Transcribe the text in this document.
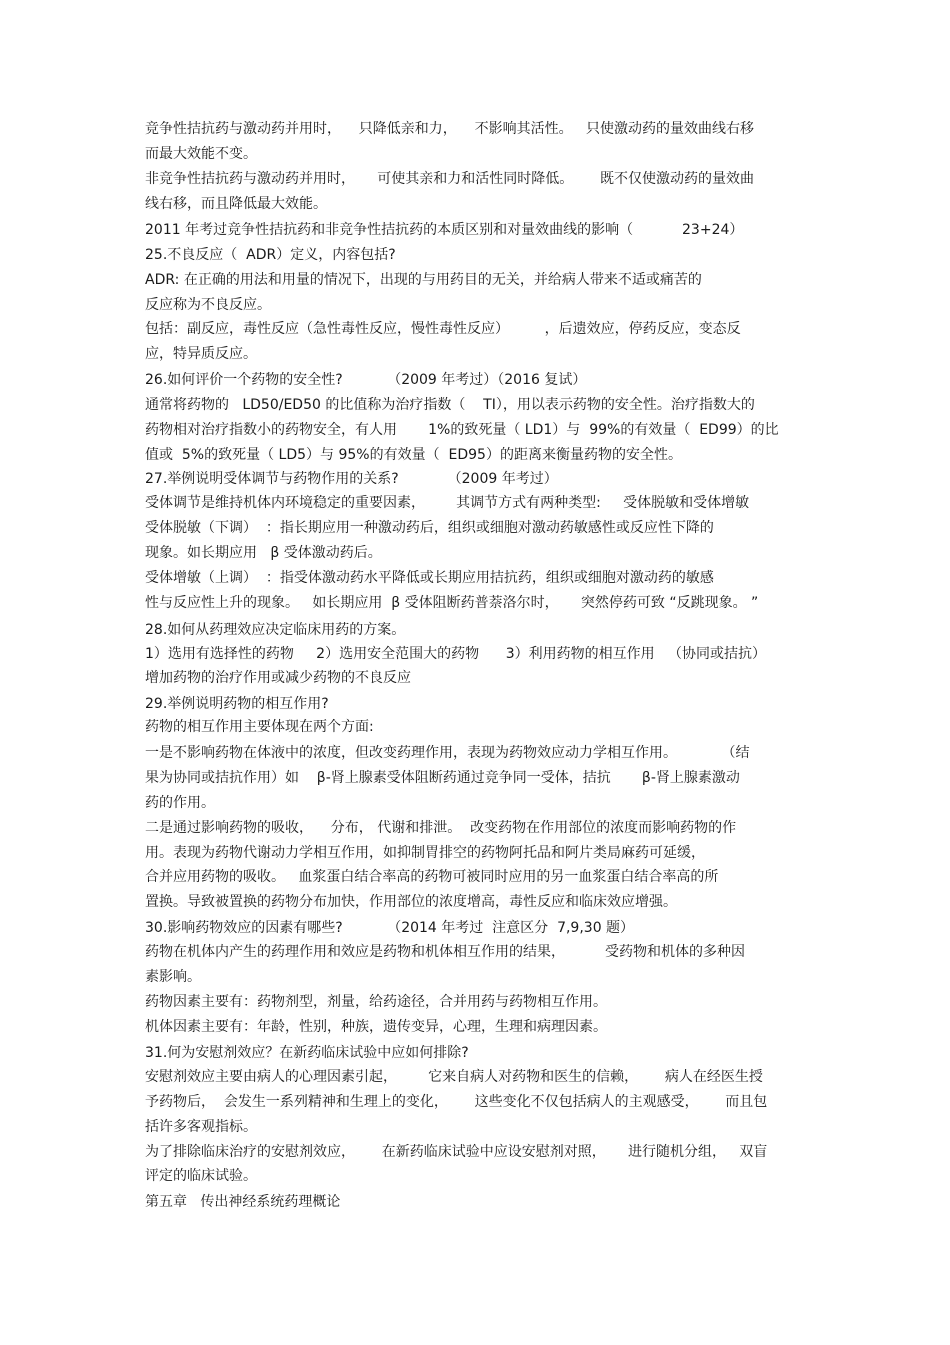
竞争性拮抗药与激动药并用时，    只降低亲和力，    不影响其活性。   只使激动药的量效曲线右移
而最大效能不变。
非竞争性拮抗药与激动药并用时，     可使其亲和力和活性同时降低。      既不仅使激动药的量效曲
线右移，而且降低最大效能。
2011 年考过竞争性拮抗药和非竞争性拮抗药的本质区别和对量效曲线的影响（           23+24）
25.不良反应（  ADR）定义，内容包括?
ADR: 在正确的用法和用量的情况下，出现的与用药目的无关，并给病人带来不适或痛苦的
反应称为不良反应。
包括：副反应，毒性反应（急性毒性反应，慢性毒性反应）        ，后遗效应，停药反应，变态反
应，特异质反应。
26.如何评价一个药物的安全性?          （2009 年考过）（2016 复试）
通常将药物的   LD50/ED50 的比值称为治疗指数（    TI），用以表示药物的安全性。治疗指数大的
药物相对治疗指数小的药物安全，有人用       1%的致死量（ LD1）与  99%的有效量（  ED99）的比
值或  5%的致死量（ LD5）与 95%的有效量（  ED95）的距离来衡量药物的安全性。
27.举例说明受体调节与药物作用的关系?           （2009 年考过）
受体调节是维持机体内环境稳定的重要因素，       其调节方式有两种类型:     受体脱敏和受体增敏
受体脱敏（下调）  ：指长期应用一种激动药后，组织或细胞对激动药敏感性或反应性下降的
现象。如长期应用   β 受体激动药后。
受体增敏（上调）  ：指受体激动药水平降低或长期应用拮抗药，组织或细胞对激动药的敏感
性与反应性上升的现象。   如长期应用  β 受体阻断药普萘洛尔时，     突然停药可致 “反跳现象。 ”
28.如何从药理效应决定临床用药的方案。
1）选用有选择性的药物     2）选用安全范围大的药物      3）利用药物的相互作用   （协同或拮抗）
增加药物的治疗作用或减少药物的不良反应
29.举例说明药物的相互作用?
药物的相互作用主要体现在两个方面:
一是不影响药物在体液中的浓度，但改变药理作用，表现为药物效应动力学相互作用。          （结
果为协同或拮抗作用）如    β-肾上腺素受体阻断药通过竞争同一受体，拮抗       β-肾上腺素激动
药的作用。
二是通过影响药物的吸收，    分布， 代谢和排泄。  改变药物在作用部位的浓度而影响药物的作
用。表现为药物代谢动力学相互作用，如抑制胃排空的药物阿托品和阿片类局麻药可延缓，
合并应用药物的吸收。   血浆蛋白结合率高的药物可被同时应用的另一血浆蛋白结合率高的所
置换。导致被置换的药物分布加快，作用部位的浓度增高，毒性反应和临床效应增强。
30.影响药物效应的因素有哪些?          （2014 年考过  注意区分  7,9,30 题）
药物在机体内产生的药理作用和效应是药物和机体相互作用的结果，         受药物和机体的多种因
素影响。
药物因素主要有：药物剂型，剂量，给药途径，合并用药与药物相互作用。
机体因素主要有：年龄，性别，种族，遗传变异，心理，生理和病理因素。
31.何为安慰剂效应？在新药临床试验中应如何排除?
安慰剂效应主要由病人的心理因素引起，       它来自病人对药物和医生的信赖，      病人在经医生授
予药物后，  会发生一系列精神和生理上的变化，      这些变化不仅包括病人的主观感受，      而且包
括许多客观指标。
为了排除临床治疗的安慰剂效应，      在新药临床试验中应设安慰剂对照，     进行随机分组，   双盲
评定的临床试验。
第五章   传出神经系统药理概论
